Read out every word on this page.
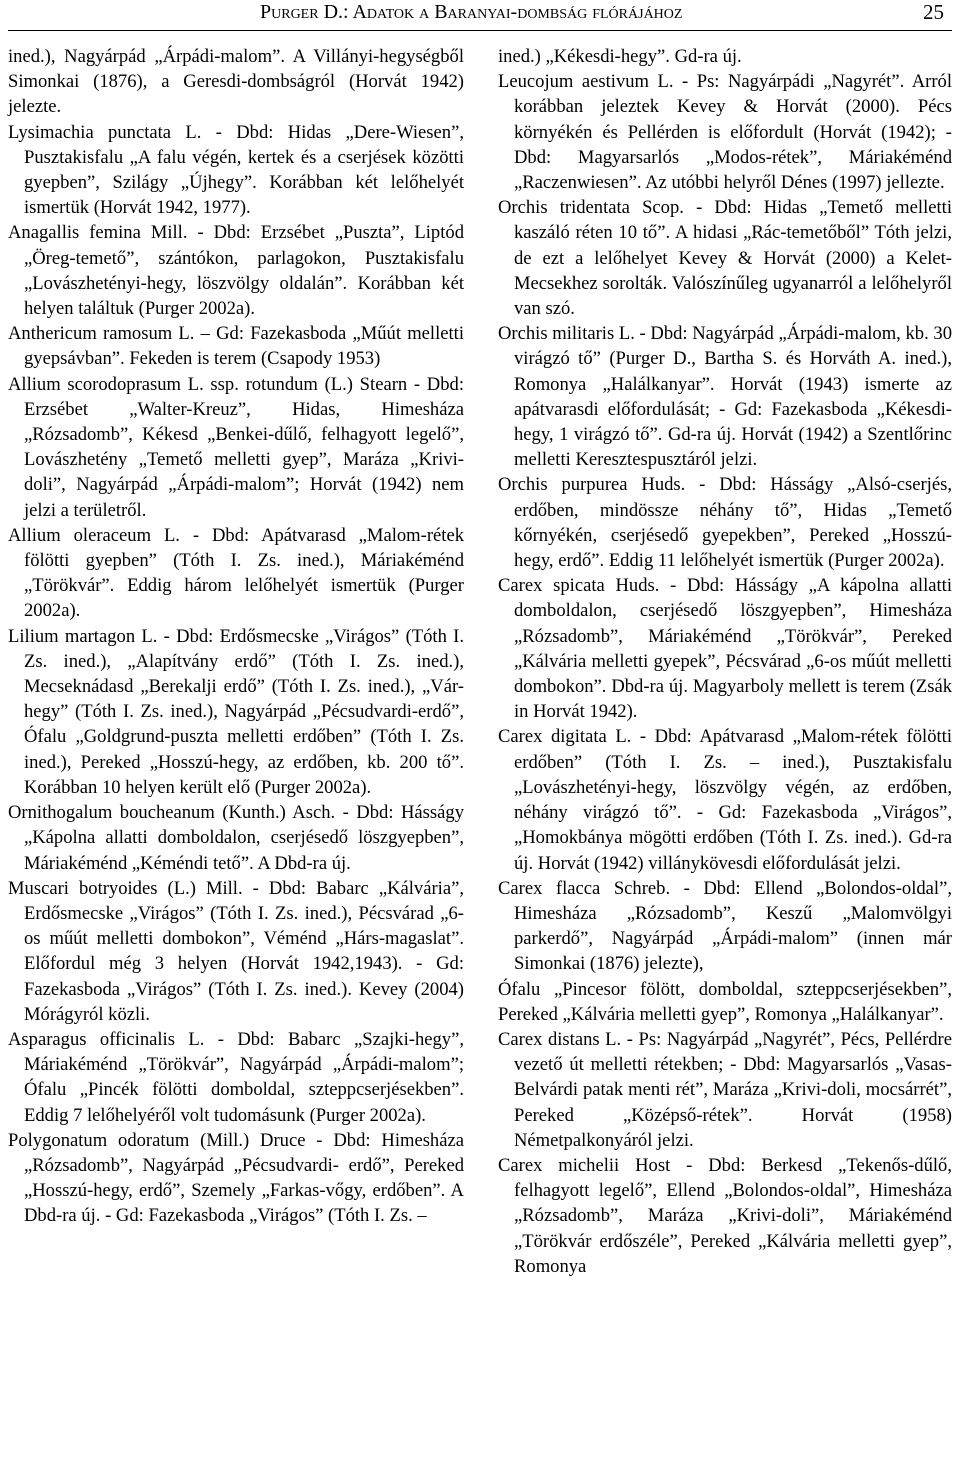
Purger D.: Adatok a Baranyai-dombság flórájához	25

ined.), Nagyárpád „Árpádi-malom”. A Villányi-hegységből Simonkai (1876), a Geresdi-dombságról (Horvát 1942) jelezte.

Lysimachia punctata L. - Dbd: Hidas „Dere-Wiesen”, Pusztakisfalu „A falu végén, kertek és a cserjések közötti gyepben”, Szilágy „Újhegy”. Korábban két lelőhelyét ismertük (Horvát 1942, 1977).

Anagallis femina Mill. - Dbd: Erzsébet „Puszta”, Liptód „Öreg-temető”, szántókon, parlagokon, Pusztakisfalu „Lovászhetényi-hegy, löszvölgy oldalán”. Korábban két helyen találtuk (Purger 2002a).

Anthericum ramosum L. – Gd: Fazekasboda „Műút melletti gyepsávban”. Fekeden is terem (Csapody 1953)

Allium scorodoprasum L. ssp. rotundum (L.) Stearn - Dbd: Erzsébet „Walter-Kreuz”, Hidas, Himesháza „Rózsadomb”, Kékesd „Benkei-dűlő, felhagyott legelő”, Lovászhetény „Temető melletti gyep”, Maráza „Krivi-doli”, Nagyárpád „Árpádi-malom”; Horvát (1942) nem jelzi a területről.

Allium oleraceum L. - Dbd: Apátvarasd „Malom-rétek fölötti gyepben” (Tóth I. Zs. ined.), Máriakéménd „Törökvár”. Eddig három lelőhelyét ismertük (Purger 2002a).

Lilium martagon L. - Dbd: Erdősmecske „Virágos” (Tóth I. Zs. ined.), „Alapítvány erdő” (Tóth I. Zs. ined.), Mecseknádasd „Berekalji erdő” (Tóth I. Zs. ined.), „Vár-hegy” (Tóth I. Zs. ined.), Nagyárpád „Pécsudvardi-erdő”, Ófalu „Goldgrund-puszta melletti erdőben” (Tóth I. Zs. ined.), Pereked „Hosszú-hegy, az erdőben, kb. 200 tő”. Korábban 10 helyen került elő (Purger 2002a).

Ornithogalum boucheanum (Kunth.) Asch. - Dbd: Hásságy „Kápolna allatti domboldalon, cserjésedő löszgyepben”, Máriakéménd „Kéméndi tető”. A Dbd-ra új.

Muscari botryoides (L.) Mill. - Dbd: Babarc „Kálvária”, Erdősmecske „Virágos” (Tóth I. Zs. ined.), Pécsvárad „6-os műút melletti dombokon”, Véménd „Hárs-magaslat”. Előfordul még 3 helyen (Horvát 1942,1943). - Gd: Fazekasboda „Virágos” (Tóth I. Zs. ined.). Kevey (2004) Mórágyról közli.

Asparagus officinalis L. - Dbd: Babarc „Szajki-hegy”, Máriakéménd „Törökvár”, Nagyárpád „Árpádi-malom”; Ófalu „Pincék fölötti domboldal, szteppcserjésekben”. Eddig 7 lelőhelyéről volt tudomásunk (Purger 2002a).

Polygonatum odoratum (Mill.) Druce - Dbd: Himesháza „Rózsadomb”, Nagyárpád „Pécsudvardi- erdő”, Pereked „Hosszú-hegy, erdő”, Szemely „Farkas-vőgy, erdőben”. A Dbd-ra új. - Gd: Fazekasboda „Virágos” (Tóth I. Zs. –

ined.) „Kékesdi-hegy”. Gd-ra új.

Leucojum aestivum L. - Ps: Nagyárpádi „Nagyrét”. Arról korábban jeleztek Kevey & Horvát (2000). Pécs környékén és Pellérden is előfordult (Horvát (1942); - Dbd: Magyarsarlós „Modos-rétek”, Máriakéménd „Raczenwiesen”. Az utóbbi helyről Dénes (1997) jellezte.

Orchis tridentata Scop. - Dbd: Hidas „Temető melletti kaszáló réten 10 tő”. A hidasi „Rác-temetőből” Tóth jelzi, de ezt a lelőhelyet Kevey & Horvát (2000) a Kelet-Mecsekhez sorolták. Valószínűleg ugyanarról a lelőhelyről van szó.

Orchis militaris L. - Dbd: Nagyárpád „Árpádi-malom, kb. 30 virágzó tő” (Purger D., Bartha S. és Horváth A. ined.), Romonya „Halálkanyar”. Horvát (1943) ismerte az apátvarasdi előfordulását; - Gd: Fazekasboda „Kékesdi-hegy, 1 virágzó tő”. Gd-ra új. Horvát (1942) a Szentlőrinc melletti Keresztespusztáról jelzi.

Orchis purpurea Huds. - Dbd: Hásságy „Alsó-cserjés, erdőben, mindössze néhány tő”, Hidas „Temető kőrnyékén, cserjésedő gyepekben”, Pereked „Hosszú-hegy, erdő”. Eddig 11 lelőhelyét ismertük (Purger 2002a).

Carex spicata Huds. - Dbd: Hásságy „A kápolna allatti domboldalon, cserjésedő löszgyepben”, Himesháza „Rózsadomb”, Máriakéménd „Törökvár”, Pereked „Kálvária melletti gyepek”, Pécsvárad „6-os műút melletti dombokon”. Dbd-ra új. Magyarboly mellett is terem (Zsák in Horvát 1942).

Carex digitata L. - Dbd: Apátvarasd „Malom-rétek fölötti erdőben” (Tóth I. Zs. – ined.), Pusztakisfalu „Lovászhetényi-hegy, löszvölgy végén, az erdőben, néhány virágzó tő”. - Gd: Fazekasboda „Virágos”, „Homokbánya mögötti erdőben (Tóth I. Zs. ined.). Gd-ra új. Horvát (1942) villánykövesdi előfordulását jelzi.

Carex flacca Schreb. - Dbd: Ellend „Bolondos-oldal”, Himesháza „Rózsadomb”, Keszű „Malomvölgyi parkerdő”, Nagyárpád „Árpádi-malom” (innen már Simonkai (1876) jelezte),

Ófalu „Pincesor fölött, domboldal, szteppcserjésekben”, Pereked „Kálvária melletti gyep”, Romonya „Halálkanyar”.

Carex distans L. - Ps: Nagyárpád „Nagyrét”, Pécs, Pellérdre vezető út melletti rétekben; - Dbd: Magyarsarlós „Vasas-Belvárdi patak menti rét”, Maráza „Krivi-doli, mocsárrét”, Pereked „Középső-rétek”. Horvát (1958) Németpalkonyáról jelzi.

Carex michelii Host - Dbd: Berkesd „Tekenős-dűlő, felhagyott legelő”, Ellend „Bolondos-oldal”, Himesháza „Rózsadomb”, Maráza „Krivi-doli”, Máriakéménd „Törökvár erdőszéle”, Pereked „Kálvária melletti gyep”, Romonya
